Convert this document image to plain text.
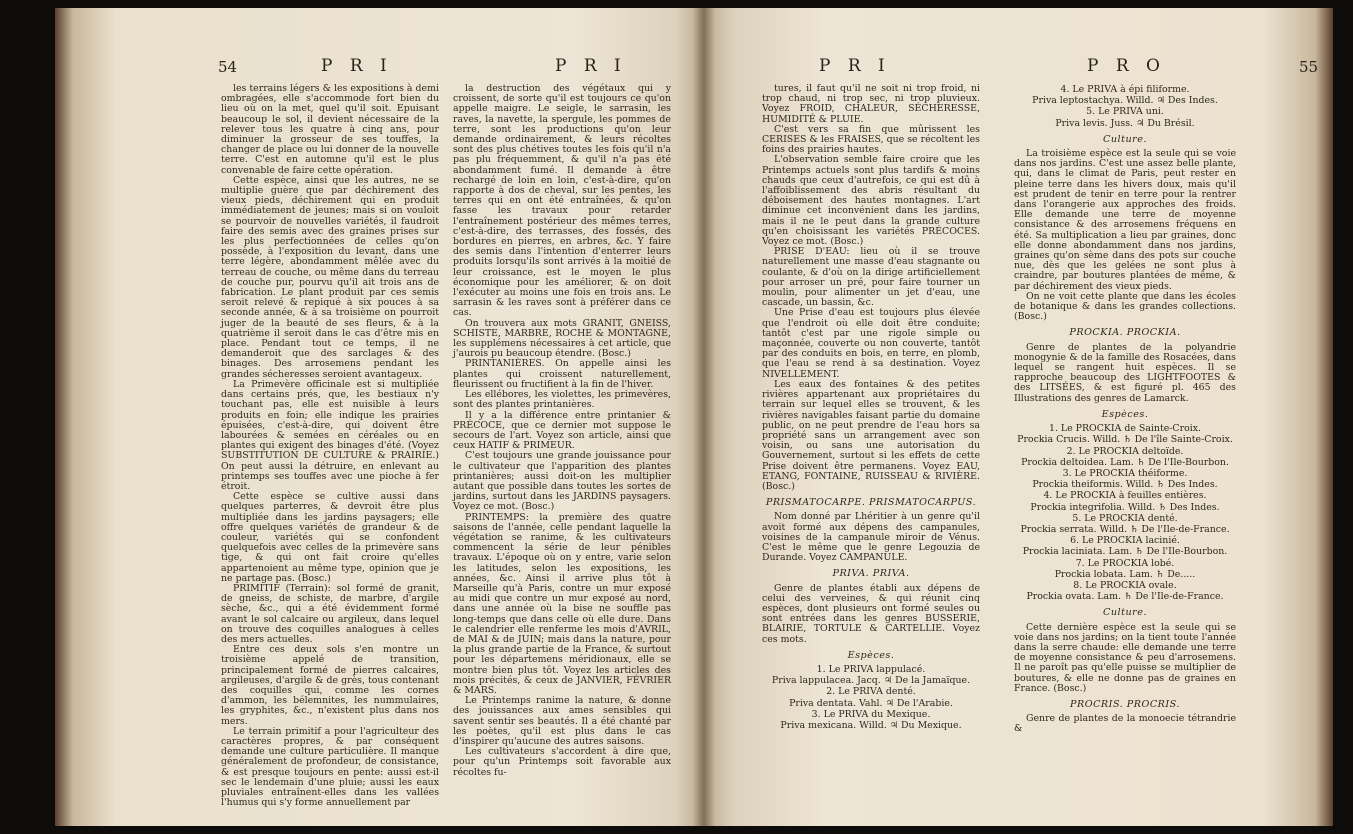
54	P R I	P R I

les terrains légers & les expositions à demi ombragées, elle s'accommode fort bien du lieu où on la met, quel qu'il soit. Epuisant beaucoup le sol, il devient nécessaire de la relever tous les quatre à cinq ans, pour diminuer la grosseur de ses touffes, la changer de place ou lui donner de la nouvelle terre. C'est en automne qu'il est le plus convenable de faire cette opération.

Cette espèce, ainsi que les autres, ne se multiplie guère que par déchirement des vieux pieds, déchirement qui en produit immédiatement de jeunes; mais si on vouloit se pourvoir de nouvelles variétés, il faudroit faire des semis avec des graines prises sur les plus perfectionnées de celles qu'on possède, à l'exposition du levant, dans une terre légère, abondamment mêlée avec du terreau de couche, ou même dans du terreau de couche pur, pourvu qu'il ait trois ans de fabrication. Le plant produit par ces semis seroit relevé & repiqué à six pouces à sa seconde année, & à sa troisième on pourroit juger de la beauté de ses fleurs, & à la quatrième il seroit dans le cas d'être mis en place. Pendant tout ce temps, il ne demanderoit que des sarclages & des binages. Des arrosemens pendant les grandes sécheresses seroient avantageux.

La Primevère officinale est si multipliée dans certains prés, que, les bestiaux n'y touchant pas, elle est nuisible à leurs produits en foin; elle indique les prairies épuisées, c'est-à-dire, qui doivent être labourées & semées en céréales ou en plantes qui exigent des binages d'été. (Voyez SUBSTITUTION DE CULTURE & PRAIRIE.) On peut aussi la détruire, en enlevant au printemps ses touffes avec une pioche à fer étroit.

Cette espèce se cultive aussi dans quelques parterres, & devroit être plus multipliée dans les jardins paysagers; elle offre quelques variétés de grandeur & de couleur, variétés qui se confondent quelquefois avec celles de la primevère sans tige, & qui ont fait croire qu'elles appartenoient au même type, opinion que je ne partage pas. (Bosc.)

PRIMITIF (Terrain): sol formé de granit, de gneiss, de schiste, de marbre, d'argile sèche, &c., qui a été évidemment formé avant le sol calcaire ou argileux, dans lequel on trouve des coquilles analogues à celles des mers actuelles.

Entre ces deux sols s'en montre un troisième appelé de transition, principalement formé de pierres calcaires, argileuses, d'argile & de grès, tous contenant des coquilles qui, comme les cornes d'ammon, les bélemnites, les nummulaires, les gryphites, &c., n'existent plus dans nos mers.

Le terrain primitif a pour l'agriculteur des caractères propres, & par conséquent demande une culture particulière. Il manque généralement de profondeur, de consistance, & est presque toujours en pente: aussi est-il sec le lendemain d'une pluie; aussi les eaux pluviales entraînent-elles dans les vallées l'humus qui s'y forme annuellement par

la destruction des végétaux qui y croissent, de sorte qu'il est toujours ce qu'on appelle maigre. Le seigle, le sarrasin, les raves, la navette, la spergule, les pommes de terre, sont les productions qu'on leur demande ordinairement, & leurs récoltes sont des plus chétives toutes les fois qu'il n'a pas plu fréquemment, & qu'il n'a pas été abondamment fumé. Il demande à être rechargé de loin en loin, c'est-à-dire, qu'on rapporte à dos de cheval, sur les pentes, les terres qui en ont été entraînées, & qu'on fasse les travaux pour retarder l'entraînement postérieur des mêmes terres, c'est-à-dire, des terrasses, des fossés, des bordures en pierres, en arbres, &c. Y faire des semis dans l'intention d'enterrer leurs produits lorsqu'ils sont arrivés à la moitié de leur croissance, est le moyen le plus économique pour les améliorer, & on doit l'exécuter au moins une fois en trois ans. Le sarrasin & les raves sont à préférer dans ce cas.

On trouvera aux mots GRANIT, GNEISS, SCHISTE, MARBRE, ROCHE & MONTAGNE, les supplémens nécessaires à cet article, que j'aurois pu beaucoup étendre. (Bosc.)

PRINTANIÈRES. On appelle ainsi les plantes qui croissent naturellement, fleurissent ou fructifient à la fin de l'hiver.

Les ellébores, les violettes, les primevères, sont des plantes printanières.

Il y a la différence entre printanier & PRÉCOCE, que ce dernier mot suppose le secours de l'art. Voyez son article, ainsi que ceux HATIF & PRIMEUR.

C'est toujours une grande jouissance pour le cultivateur que l'apparition des plantes printanières; aussi doit-on les multiplier autant que possible dans toutes les sortes de jardins, surtout dans les JARDINS paysagers. Voyez ce mot. (Bosc.)

PRINTEMPS: la première des quatre saisons de l'année, celle pendant laquelle la végétation se ranime, & les cultivateurs commencent la série de leur pénibles travaux. L'époque où on y entre, varie selon les latitudes, selon les expositions, les années, &c. Ainsi il arrive plus tôt à Marseille qu'à Paris, contre un mur exposé au midi que contre un mur exposé au nord, dans une année où la bise ne souffle pas long-temps que dans celle où elle dure. Dans le calendrier elle renferme les mois d'AVRIL, de MAI & de JUIN; mais dans la nature, pour la plus grande partie de la France, & surtout pour les départemens méridionaux, elle se montre bien plus tôt. Voyez les articles des mois précités, & ceux de JANVIER, FÉVRIER & MARS.

Le Printemps ranime la nature, & donne des jouissances aux ames sensibles qui savent sentir ses beautés. Il a été chanté par les poètes, qu'il est plus dans le cas d'inspirer qu'aucune des autres saisons.

Les cultivateurs s'accordent à dire que, pour qu'un Printemps soit favorable aux récoltes fu-

P R I	P R O	55

tures, il faut qu'il ne soit ni trop froid, ni trop chaud, ni trop sec, ni trop pluvieux. Voyez FROID, CHALEUR, SÉCHERESSE, HUMIDITÉ & PLUIE.

C'est vers sa fin que mûrissent les CERISES & les FRAISES, que se récoltent les foins des prairies hautes.

L'observation semble faire croire que les Printemps actuels sont plus tardifs & moins chauds que ceux d'autrefois, ce qui est dû à l'affoiblissement des abris résultant du déboisement des hautes montagnes. L'art diminue cet inconvénient dans les jardins, mais il ne le peut dans la grande culture qu'en choisissant les variétés PRÉCOCES. Voyez ce mot. (Bosc.)

PRISE D'EAU: lieu où il se trouve naturellement une masse d'eau stagnante ou coulante, & d'où on la dirige artificiellement pour arroser un pré, pour faire tourner un moulin, pour alimenter un jet d'eau, une cascade, un bassin, &c.

Une Prise d'eau est toujours plus élevée que l'endroit où elle doit être conduite; tantôt c'est par une rigole simple ou maçonnée, couverte ou non couverte, tantôt par des conduits en bois, en terre, en plomb, que l'eau se rend à sa destination. Voyez NIVELLEMENT.

Les eaux des fontaines & des petites rivières appartenant aux propriétaires du terrain sur lequel elles se trouvent, & les rivières navigables faisant partie du domaine public, on ne peut prendre de l'eau hors sa propriété sans un arrangement avec son voisin, ou sans une autorisation du Gouvernement, surtout si les effets de cette Prise doivent être permanens. Voyez EAU, ETANG, FONTAINE, RUISSEAU & RIVIÈRE. (Bosc.)

PRISMATOCARPE. PRISMATOCARPUS.

Nom donné par Lhéritier à un genre qu'il avoit formé aux dépens des campanules, voisines de la campanule miroir de Vénus. C'est le même que le genre Legouzia de Durande. Voyez CAMPANULE.

PRIVA. PRIVA.

Genre de plantes établi aux dépens de celui des verveines, & qui réunit cinq espèces, dont plusieurs ont formé seules ou sont entrées dans les genres BUSSERIE, BLAIRIE, TORTULE & CARTELLIE. Voyez ces mots.

Espèces.

1. Le PRIVA lappulacé.

Priva lappulacea. Jacq. ♃ De la Jamaïque.

2. Le PRIVA denté.

Priva dentata. Vahl. ♃ De l'Arabie.

3. Le PRIVA du Mexique.

Priva mexicana. Willd. ♃ Du Mexique.

4. Le PRIVA à épi filiforme.

Priva leptostachya. Willd. ♃ Des Indes.

5. Le PRIVA uni.

Priva levis. Juss. ♃ Du Brésil.

Culture.

La troisième espèce est la seule qui se voie dans nos jardins. C'est une assez belle plante, qui, dans le climat de Paris, peut rester en pleine terre dans les hivers doux, mais qu'il est prudent de tenir en terre pour la rentrer dans l'orangerie aux approches des froids. Elle demande une terre de moyenne consistance & des arrosemens fréquens en été. Sa multiplication a lieu par graines, donc elle donne abondamment dans nos jardins, graines qu'on sème dans des pots sur couche nue, dès que les gelées ne sont plus à craindre, par boutures plantées de même, & par déchirement des vieux pieds.

On ne voit cette plante que dans les écoles de botanique & dans les grandes collections. (Bosc.)

PROCKIA. PROCKIA.

Genre de plantes de la polyandrie monogynie & de la famille des Rosacées, dans lequel se rangent huit espèces. Il se rapproche beaucoup des LIGHTFOOTES & des LITSÉES, & est figuré pl. 465 des Illustrations des genres de Lamarck.

Espèces.

1. Le PROCKIA de Sainte-Croix.

Prockia Crucis. Willd. ♄ De l'île Sainte-Croix.

2. Le PROCKIA deltoïde.

Prockia deltoidea. Lam. ♄ De l'Ile-Bourbon.

3. Le PROCKIA théiforme.

Prockia theiformis. Willd. ♄ Des Indes.

4. Le PROCKIA à feuilles entières.

Prockia integrifolia. Willd. ♄ Des Indes.

5. Le PROCKIA denté.

Prockia serrata. Willd. ♄ De l'Ile-de-France.

6. Le PROCKIA lacinié.

Prockia laciniata. Lam. ♄ De l'Ile-Bourbon.

7. Le PROCKIA lobé.

Prockia lobata. Lam. ♄ De.....

8. Le PROCKIA ovale.

Prockia ovata. Lam. ♄ De l'Ile-de-France.

Culture.

Cette dernière espèce est la seule qui se voie dans nos jardins; on la tient toute l'année dans la serre chaude: elle demande une terre de moyenne consistance & peu d'arrosemens. Il ne paroît pas qu'elle puisse se multiplier de boutures, & elle ne donne pas de graines en France. (Bosc.)

PROCRIS. PROCRIS.

Genre de plantes de la monoecie tétrandrie &
